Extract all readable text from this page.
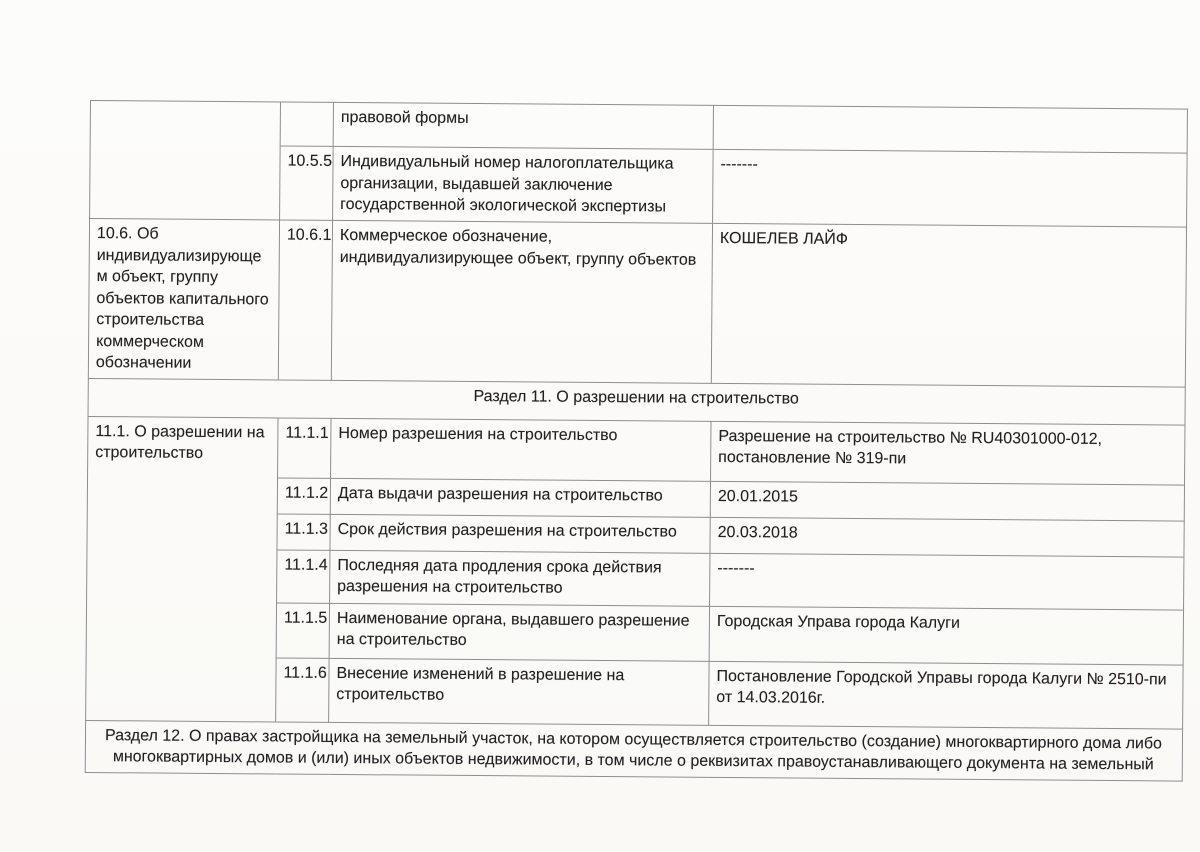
		правовой формы	
	10.5.5	Индивидуальный номер налогоплательщика
организации, выдавшей заключение
государственной экологической экспертизы	-------
10.6. Об
индивидуализирующе
м объект, группу
объектов капитального
строительства
коммерческом
обозначении	10.6.1	Коммерческое обозначение,
индивидуализирующее объект, группу объектов	КОШЕЛЕВ ЛАЙФ
Раздел 11. О разрешении на строительство			
11.1. О разрешении на
строительство	11.1.1	Номер разрешения на строительство	Разрешение на строительство № RU40301000-012,
постановление № 319-пи
	11.1.2	Дата выдачи разрешения на строительство	20.01.2015
	11.1.3	Срок действия разрешения на строительство	20.03.2018
	11.1.4	Последняя дата продления срока действия
разрешения на строительство	-------
	11.1.5	Наименование органа, выдавшего разрешение
на строительство	Городская Управа города Калуги
	11.1.6	Внесение изменений в разрешение на
строительство	Постановление Городской Управы города Калуги № 2510-пи
от 14.03.2016г.
Раздел 12. О правах застройщика на земельный участок, на котором осуществляется строительство (создание) многоквартирного дома либо
многоквартирных домов и (или) иных объектов недвижимости, в том числе о реквизитах правоустанавливающего документа на земельный			
